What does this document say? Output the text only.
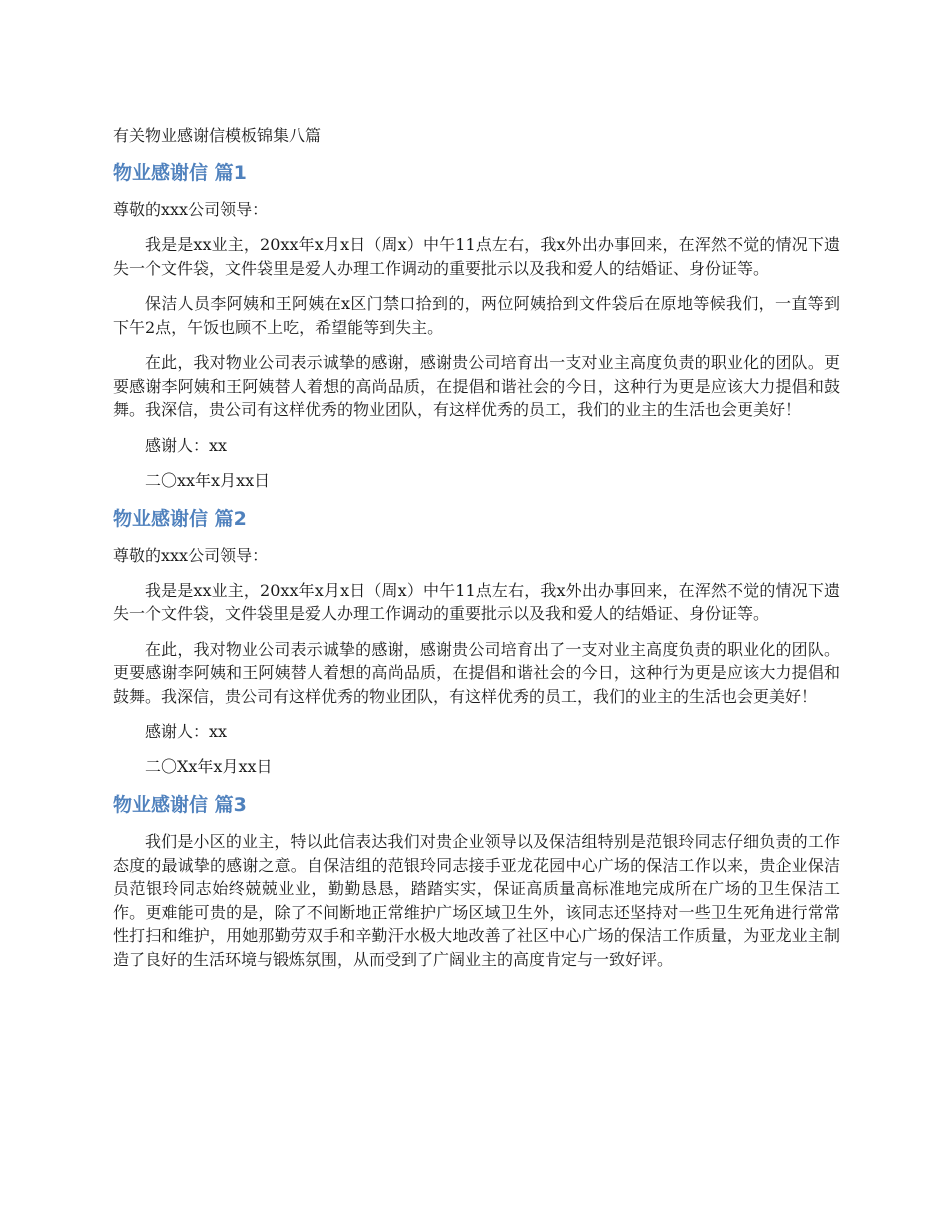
有关物业感谢信模板锦集八篇
物业感谢信 篇1
尊敬的xxx公司领导：

我是是xx业主，20xx年x月x日（周x）中午11点左右，我x外出办事回来，在浑然不觉的情况下遗失一个文件袋，文件袋里是爱人办理工作调动的重要批示以及我和爱人的结婚证、身份证等。

保洁人员李阿姨和王阿姨在x区门禁口拾到的，两位阿姨拾到文件袋后在原地等候我们，一直等到下午2点，午饭也顾不上吃，希望能等到失主。

在此，我对物业公司表示诚挚的感谢，感谢贵公司培育出一支对业主高度负责的职业化的团队。更要感谢李阿姨和王阿姨替人着想的高尚品质，在提倡和谐社会的今日，这种行为更是应该大力提倡和鼓舞。我深信，贵公司有这样优秀的物业团队，有这样优秀的员工，我们的业主的生活也会更美好！

感谢人：xx
二〇xx年x月xx日
物业感谢信 篇2
尊敬的xxx公司领导：

我是是xx业主，20xx年x月x日（周x）中午11点左右，我x外出办事回来，在浑然不觉的情况下遗失一个文件袋，文件袋里是爱人办理工作调动的重要批示以及我和爱人的结婚证、身份证等。

在此，我对物业公司表示诚挚的感谢，感谢贵公司培育出了一支对业主高度负责的职业化的团队。更要感谢李阿姨和王阿姨替人着想的高尚品质，在提倡和谐社会的今日，这种行为更是应该大力提倡和鼓舞。我深信，贵公司有这样优秀的物业团队，有这样优秀的员工，我们的业主的生活也会更美好！

感谢人：xx
二〇Xx年x月xx日
物业感谢信 篇3

我们是小区的业主，特以此信表达我们对贵企业领导以及保洁组特别是范银玲同志仔细负责的工作态度的最诚挚的感谢之意。自保洁组的范银玲同志接手亚龙花园中心广场的保洁工作以来，贵企业保洁员范银玲同志始终兢兢业业，勤勤恳恳，踏踏实实，保证高质量高标准地完成所在广场的卫生保洁工作。更难能可贵的是，除了不间断地正常维护广场区域卫生外，该同志还坚持对一些卫生死角进行常常性打扫和维护，用她那勤劳双手和辛勤汗水极大地改善了社区中心广场的保洁工作质量，为亚龙业主制造了良好的生活环境与锻炼氛围，从而受到了广阔业主的高度肯定与一致好评。
